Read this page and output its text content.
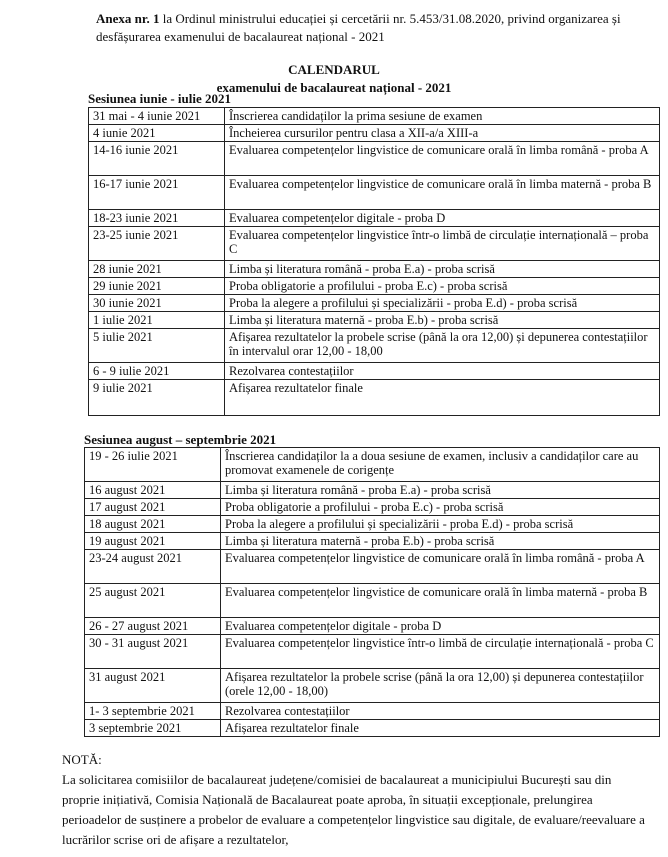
Anexa nr. 1 la Ordinul ministrului educației și cercetării nr. 5.453/31.08.2020, privind organizarea și desfășurarea examenului de bacalaureat național - 2021
CALENDARUL
examenului de bacalaureat național - 2021
Sesiunea iunie - iulie 2021
31 mai - 4 iunie 2021	Înscrierea candidaților la prima sesiune de examen
4 iunie 2021	Încheierea cursurilor pentru clasa a XII-a/a XIII-a
14-16 iunie 2021	Evaluarea competențelor lingvistice de comunicare orală în limba română - proba A
16-17 iunie 2021	Evaluarea competențelor lingvistice de comunicare orală în limba maternă - proba B
18-23 iunie 2021	Evaluarea competențelor digitale - proba D
23-25 iunie 2021	Evaluarea competențelor lingvistice într-o limbă de circulație internațională – proba C
28 iunie 2021	Limba și literatura română - proba E.a) - proba scrisă
29 iunie 2021	Proba obligatorie a profilului - proba E.c) - proba scrisă
30 iunie 2021	Proba la alegere a profilului și specializării - proba E.d) - proba scrisă
1 iulie 2021	Limba și literatura maternă - proba E.b) - proba scrisă
5 iulie 2021	Afișarea rezultatelor la probele scrise (până la ora 12,00) și depunerea contestațiilor în intervalul orar 12,00 - 18,00
6 - 9 iulie 2021	Rezolvarea contestațiilor
9 iulie 2021	Afișarea rezultatelor finale
Sesiunea august – septembrie 2021
19 - 26 iulie 2021	Înscrierea candidaților la a doua sesiune de examen, inclusiv a candidaților care au promovat examenele de corigențe
16 august 2021	Limba și literatura română - proba E.a) - proba scrisă
17 august 2021	Proba obligatorie a profilului - proba E.c) - proba scrisă
18 august 2021	Proba la alegere a profilului și specializării - proba E.d) - proba scrisă
19 august 2021	Limba și literatura maternă - proba E.b) - proba scrisă
23-24 august 2021	Evaluarea competențelor lingvistice de comunicare orală în limba română - proba A
25 august 2021	Evaluarea competențelor lingvistice de comunicare orală în limba maternă - proba B
26 - 27 august 2021	Evaluarea competențelor digitale - proba D
30 - 31 august 2021	Evaluarea competențelor lingvistice într-o limbă de circulație internațională - proba C
31 august 2021	Afișarea rezultatelor la probele scrise (până la ora 12,00) și depunerea contestațiilor (orele 12,00 - 18,00)
1- 3 septembrie 2021	Rezolvarea contestațiilor
3 septembrie 2021	Afișarea rezultatelor finale
NOTĂ:
La solicitarea comisiilor de bacalaureat județene/comisiei de bacalaureat a municipiului București sau din proprie inițiativă, Comisia Națională de Bacalaureat poate aproba, în situații excepționale, prelungirea perioadelor de susținere a probelor de evaluare a competențelor lingvistice sau digitale, de evaluare/reevaluare a lucrărilor scrise ori de afișare a rezultatelor,
